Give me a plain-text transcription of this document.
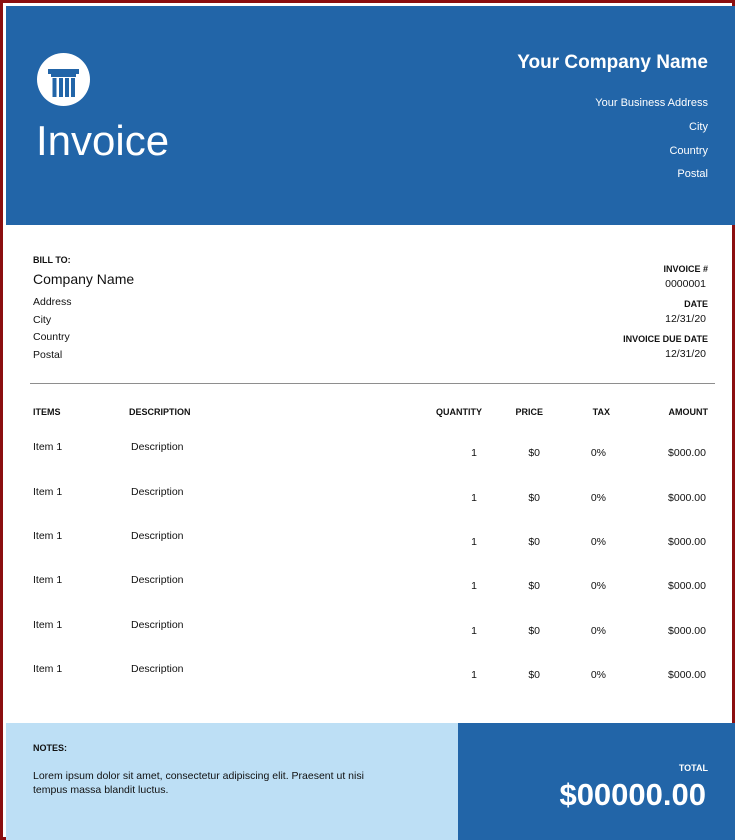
Invoice
Your Company Name
Your Business Address
City
Country
Postal
BILL TO:
Company Name
Address
City
Country
Postal
INVOICE #
0000001
DATE
12/31/20
INVOICE DUE DATE
12/31/20
ITEMS	DESCRIPTION	QUANTITY	PRICE	TAX	AMOUNT
Item 1	Description	1	$0	0%	$000.00
Item 1	Description	1	$0	0%	$000.00
Item 1	Description	1	$0	0%	$000.00
Item 1	Description	1	$0	0%	$000.00
Item 1	Description	1	$0	0%	$000.00
Item 1	Description	1	$0	0%	$000.00
NOTES:
Lorem ipsum dolor sit amet, consectetur adipiscing elit. Praesent ut nisi tempus massa blandit luctus.
TOTAL
$00000.00
